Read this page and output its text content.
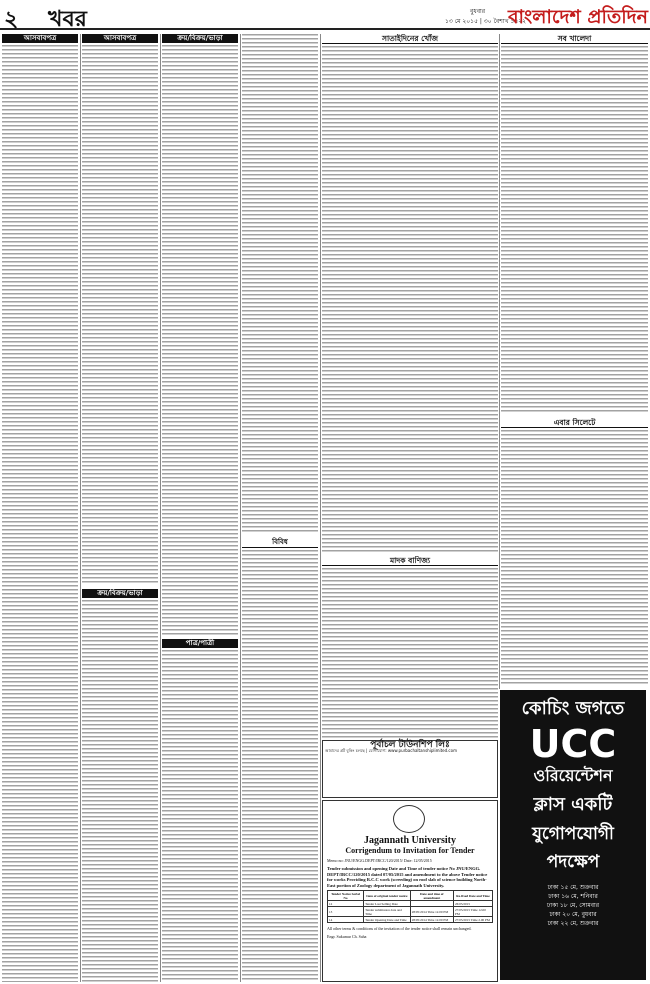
২ খবর	বুধবার
১৩ মে ২০১৫ | ৩০ বৈশাখ ১৪২২
বাংলাদেশ প্রতিদিন
আসবাবপত্র	আসবাবপত্র
ক্রয়/বিক্রয়/ভাড়া
ক্রয়/বিক্রয়/ভাড়া
পাত্র/পাত্রী
বিবিধ
সাতাইদিনের খোঁজ
মাদক বাণিজ্য
সব খালেদা
এবার সিলেটে
পূর্বাচল টাউনশিপ লিঃ
আমাদের প্লট বুকিং চলছে | যোগাযোগ: www.purbachaltanshiplimited.com
Jagannath University
Corrigendum to Invitation for Tender
Memo no: JNU/ENGG.DEPT/IRCC/120/2015/ Date: 12/05/2015
Tender submission and opening Date and Time of tender notice No JNU/ENGG. DEPT/IRCC/120/2015 dated 07/05/2015 and amendment to the above Tender notice for works Providing R.C.C work (screeding) on roof slab of science building North-East portion of Zoology department of Jagannath University.
Tender Notice Serial No	Item of original tender notice	Date and time of amendment	Re-fixed Date and Time
12	Tender Last Selling Date		26/05/2015
13	Tender submission date and Time	28/05/2014 Time 12.00 PM	27/05/2015 Time 12.00 PM
14	Tender Opening Date and Time	28/05/2014 Time 12.00 PM	27/05/2015 Time 2.00 PM
All other terms & conditions of the invitation of the tender notice shall remain unchanged.
Engr. Sukumar Ch. Saha
কোচিং জগতে
UCC
ওরিয়েন্টেশন
ক্লাস একটি
যুগোপযোগী
পদক্ষেপ
ঢাকা ১৫ মে, শুক্রবার
ঢাকা ১৬ মে, শনিবার
ঢাকা ১৮ মে, সোমবার
ঢাকা ২০ মে, বুধবার
ঢাকা ২২ মে, শুক্রবার
